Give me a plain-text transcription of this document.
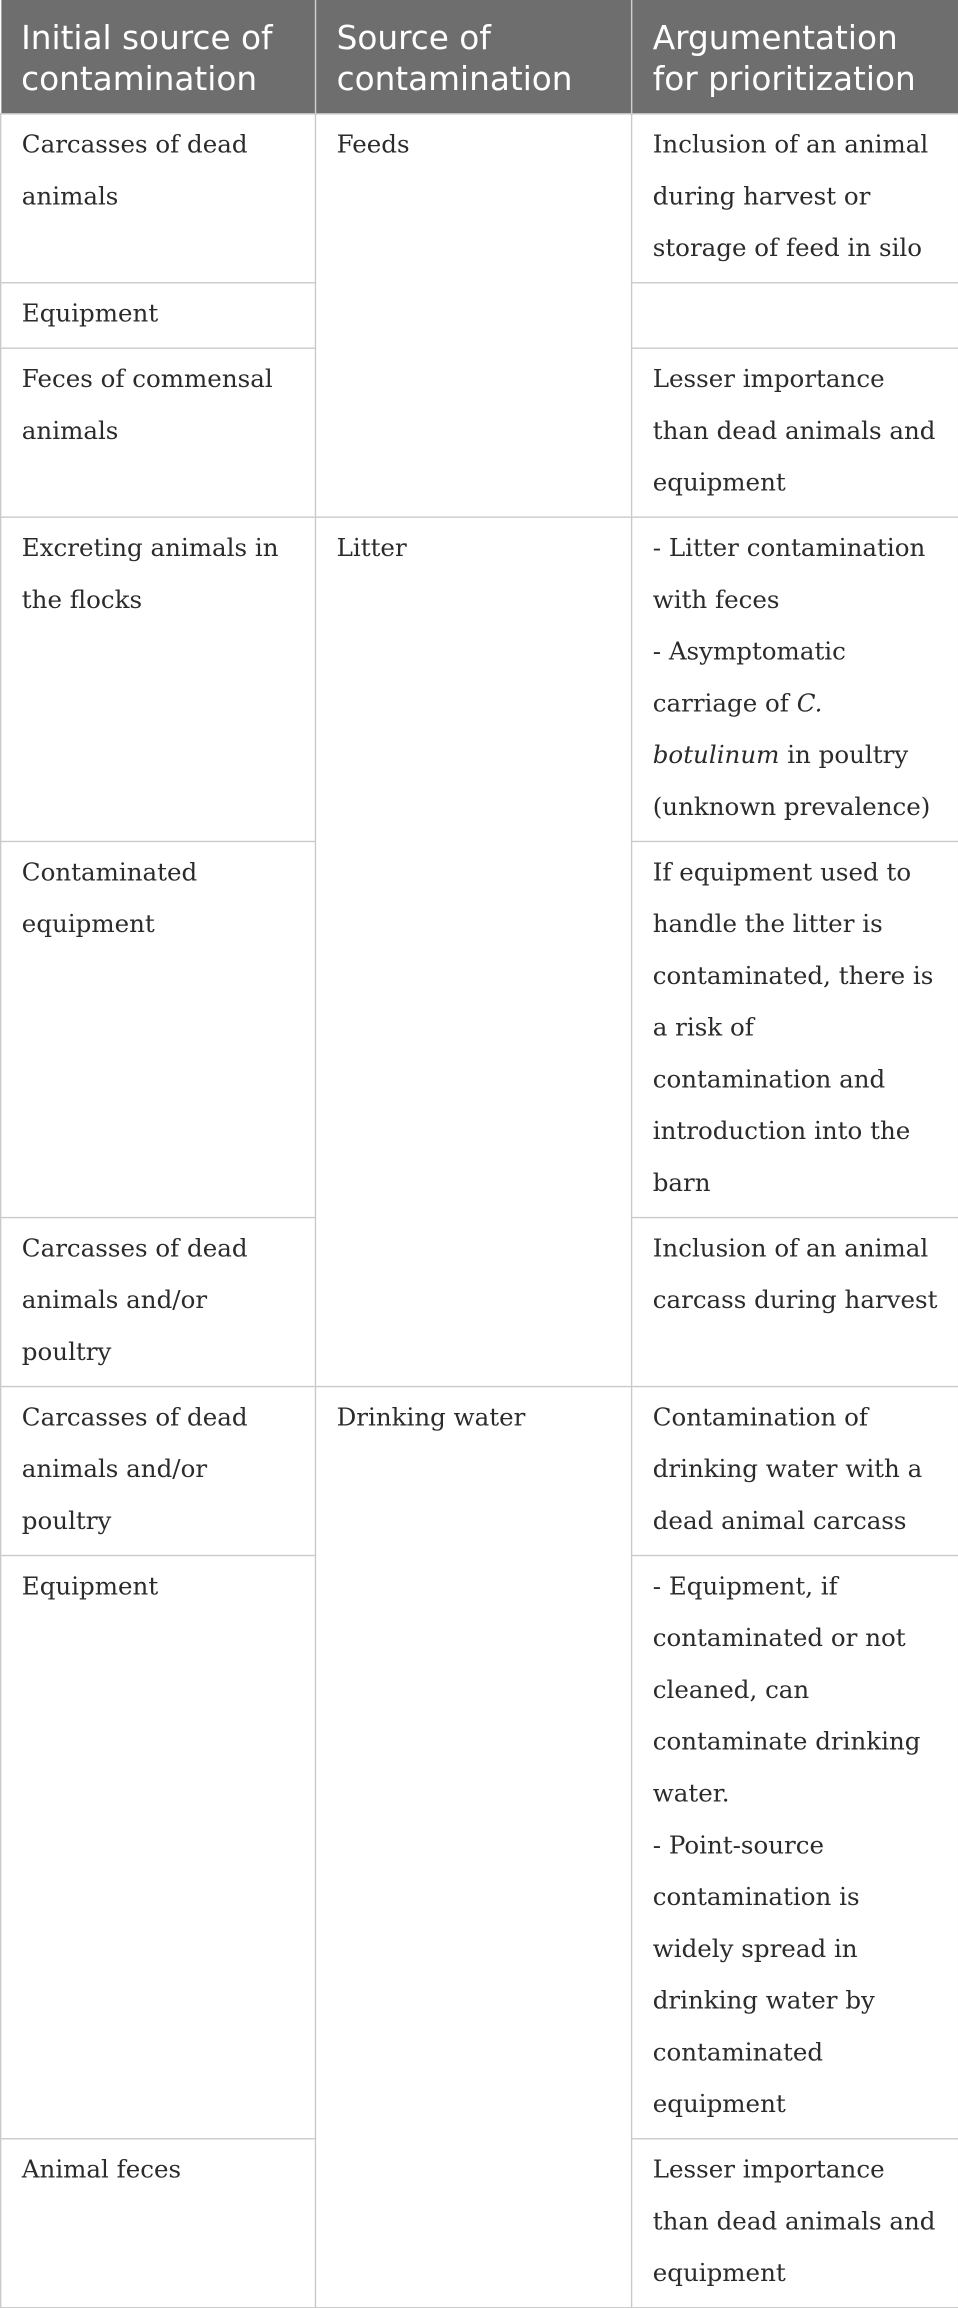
Initial source of contamination	Source of contamination	Argumentation for prioritization
Carcasses of dead animals	Feeds	Inclusion of an animal during harvest or storage of feed in silo

Equipment		
Feces of commensal animals		Lesser importance than dead animals and equipment

Excreting animals in the flocks	Litter	- Litter contamination with feces
- Asymptomatic carriage of C. botulinum in poultry (unknown prevalence)

Contaminated equipment		If equipment used to handle the litter is contaminated, there is a risk of contamination and introduction into the barn

Carcasses of dead animals and/or poultry		Inclusion of an animal carcass during harvest

Carcasses of dead animals and/or poultry	Drinking water	Contamination of drinking water with a dead animal carcass

Equipment		- Equipment, if contaminated or not cleaned, can contaminate drinking water.
- Point-source contamination is widely spread in drinking water by contaminated equipment

Animal feces		Lesser importance than dead animals and equipment
